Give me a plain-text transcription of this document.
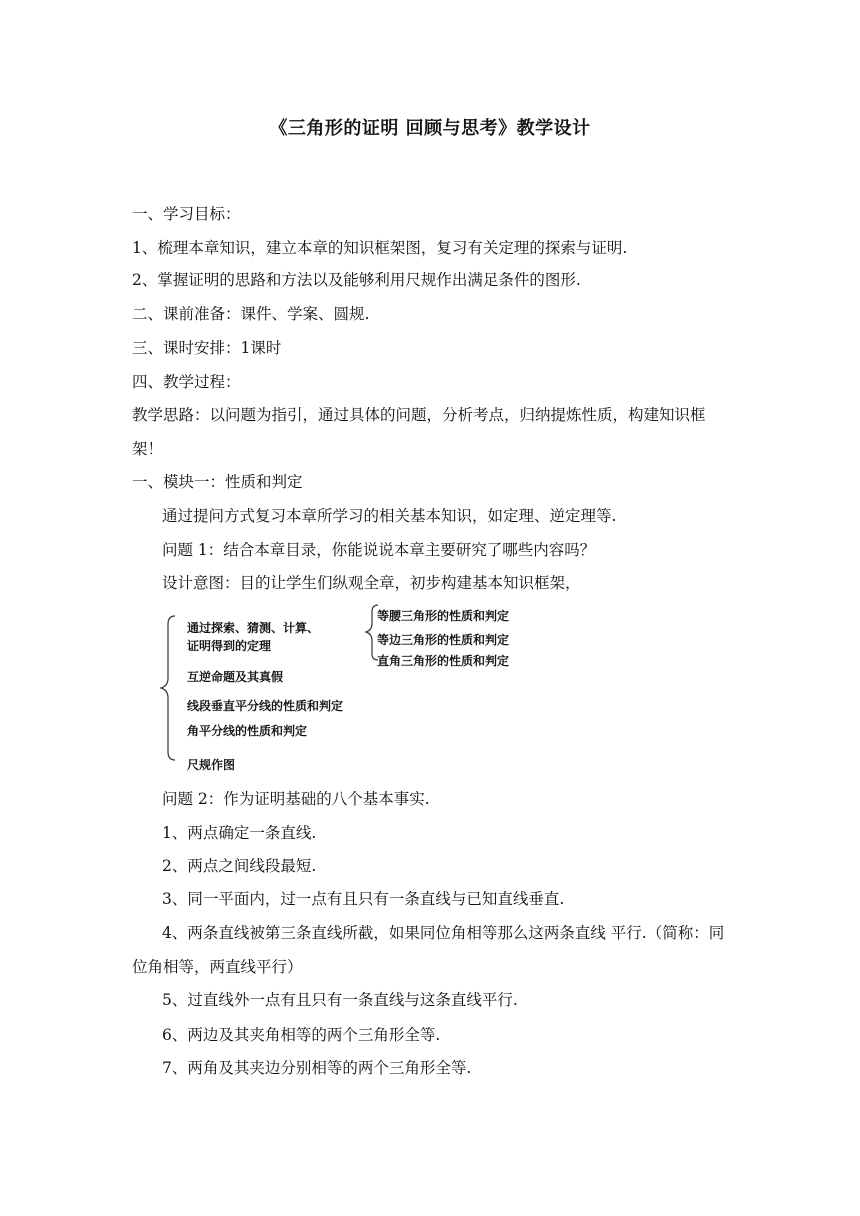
《三角形的证明 回顾与思考》教学设计
一、学习目标：
1、梳理本章知识，建立本章的知识框架图，复习有关定理的探索与证明.
2、掌握证明的思路和方法以及能够利用尺规作出满足条件的图形.
二、课前准备：课件、学案、圆规.
三、课时安排：1课时
四、教学过程：
教学思路：以问题为指引，通过具体的问题，分析考点，归纳提炼性质，构建知识框架！
一、模块一：性质和判定
通过提问方式复习本章所学习的相关基本知识，如定理、逆定理等.
问题 1：结合本章目录，你能说说本章主要研究了哪些内容吗？
设计意图：目的让学生们纵观全章，初步构建基本知识框架，
通过探索、猜测、计算、
证明得到的定理
等腰三角形的性质和判定
等边三角形的性质和判定
直角三角形的性质和判定
互逆命题及其真假
线段垂直平分线的性质和判定
角平分线的性质和判定
尺规作图
问题 2：作为证明基础的八个基本事实.
1、两点确定一条直线.
2、两点之间线段最短.
3、同一平面内，过一点有且只有一条直线与已知直线垂直.
4、两条直线被第三条直线所截，如果同位角相等那么这两条直线 平行.（简称：同位角相等，两直线平行）
5、过直线外一点有且只有一条直线与这条直线平行.
6、两边及其夹角相等的两个三角形全等.
7、两角及其夹边分别相等的两个三角形全等.
